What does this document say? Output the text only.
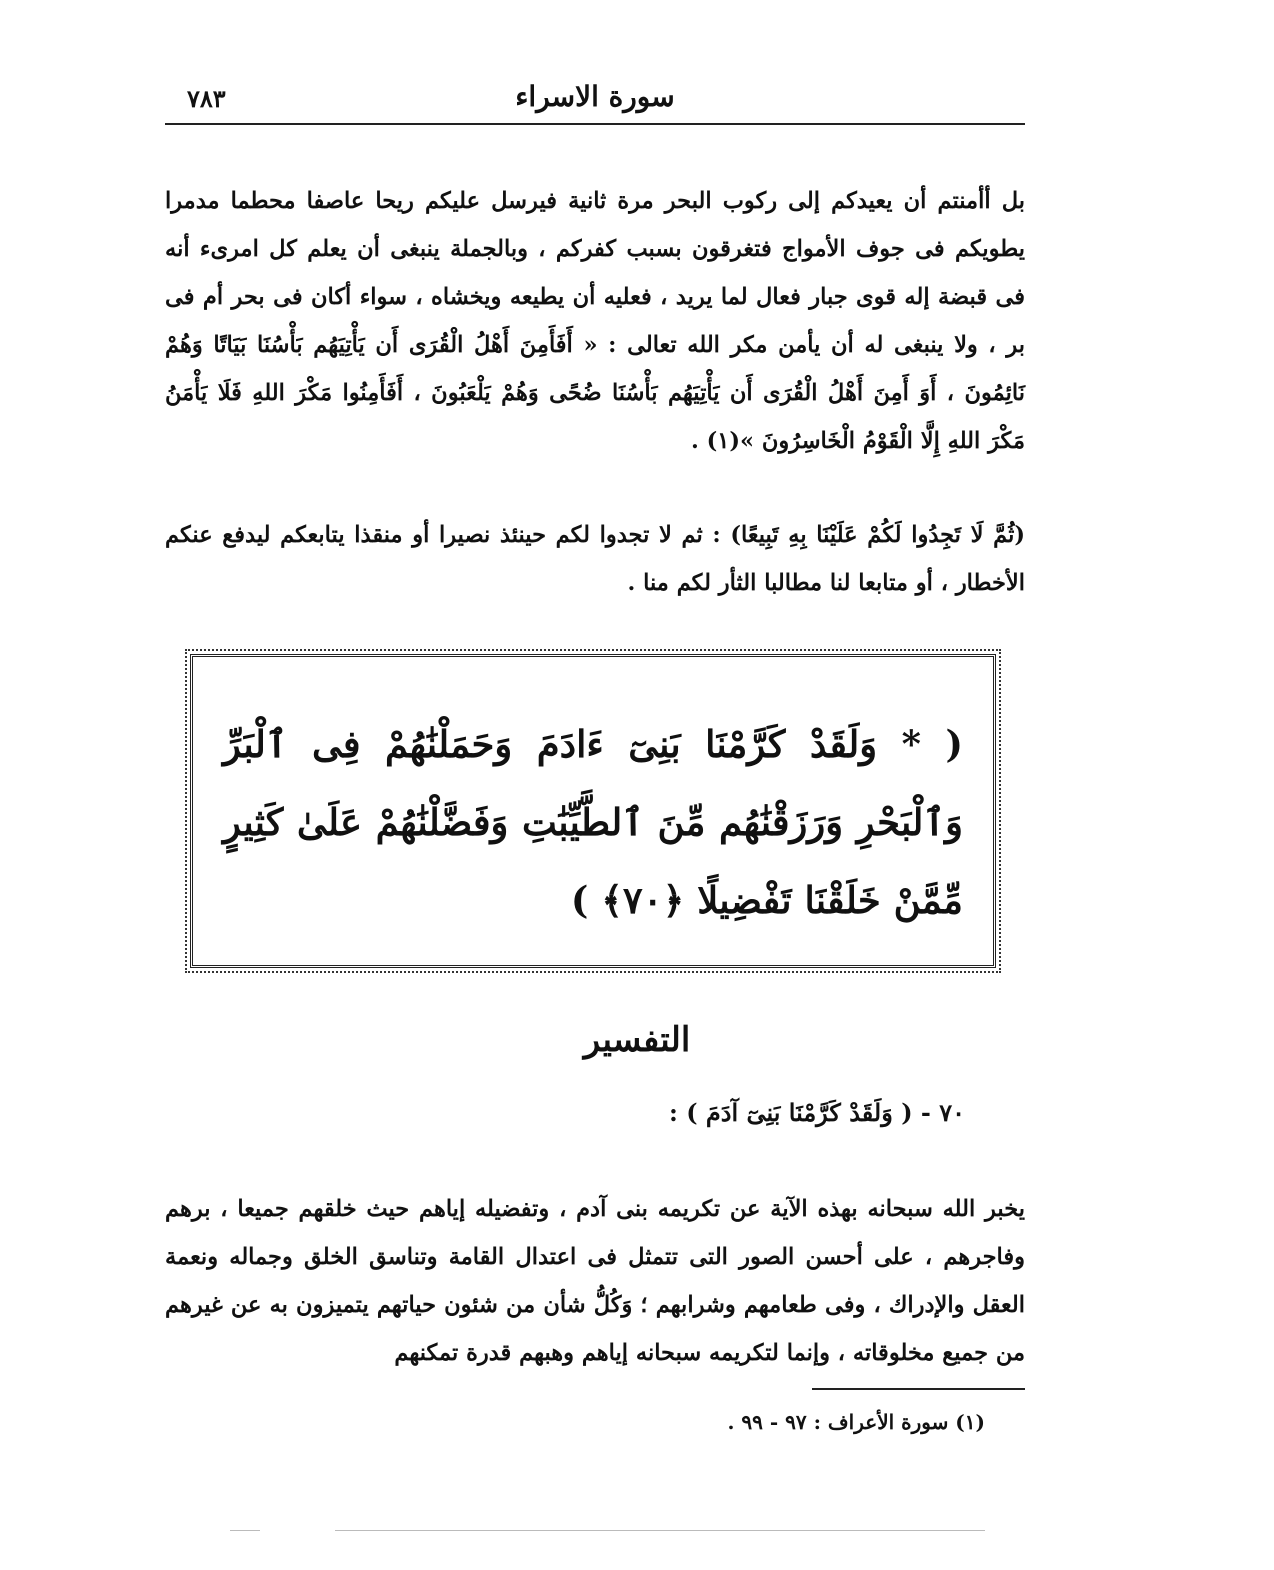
٧٨٣	سورة الاسراء

بل أأمنتم أن يعيدكم إلى ركوب البحر مرة ثانية فيرسل عليكم ريحا عاصفا محطما مدمرا يطويكم فى جوف الأمواج فتغرقون بسبب كفركم ، وبالجملة ينبغى أن يعلم كل امرىء أنه فى قبضة إله قوى جبار فعال لما يريد ، فعليه أن يطيعه ويخشاه ، سواء أكان فى بحر أم فى بر ، ولا ينبغى له أن يأمن مكر الله تعالى : « أَفَأَمِنَ أَهْلُ الْقُرَى أَن يَأْتِيَهُم بَأْسُنَا بَيَاتًا وَهُمْ نَائِمُونَ ، أَوَ أَمِنَ أَهْلُ الْقُرَى أَن يَأْتِيَهُم بَأْسُنَا ضُحًى وَهُمْ يَلْعَبُونَ ، أَفَأَمِنُوا مَكْرَ اللهِ فَلَا يَأْمَنُ مَكْرَ اللهِ إِلَّا الْقَوْمُ الْخَاسِرُونَ »(١) .

(ثُمَّ لَا تَجِدُوا لَكُمْ عَلَيْنَا بِهِ تَبِيعًا) : ثم لا تجدوا لكم حينئذ نصيرا أو منقذا يتابعكم ليدفع عنكم الأخطار ، أو متابعا لنا مطالبا الثأر لكم منا .

( * وَلَقَدْ كَرَّمْنَا بَنِىٓ ءَادَمَ وَحَمَلْنَٰهُمْ فِى ٱلْبَرِّ وَٱلْبَحْرِ وَرَزَقْنَٰهُم مِّنَ ٱلطَّيِّبَٰتِ وَفَضَّلْنَٰهُمْ عَلَىٰ كَثِيرٍ مِّمَّنْ خَلَقْنَا تَفْضِيلًا ﴿٧٠﴾ )
التفسير
٧٠ - ( وَلَقَدْ كَرَّمْنَا بَنِىٓ آدَمَ ) :

يخبر الله سبحانه بهذه الآية عن تكريمه بنى آدم ، وتفضيله إياهم حيث خلقهم جميعا ، برهم وفاجرهم ، على أحسن الصور التى تتمثل فى اعتدال القامة وتناسق الخلق وجماله ونعمة العقل والإدراك ، وفى طعامهم وشرابهم ؛ وَكُلُّ شأن من شئون حياتهم يتميزون به عن غيرهم من جميع مخلوقاته ، وإنما لتكريمه سبحانه إياهم وهبهم قدرة تمكنهم

(١) سورة الأعراف : ٩٧ - ٩٩ .
